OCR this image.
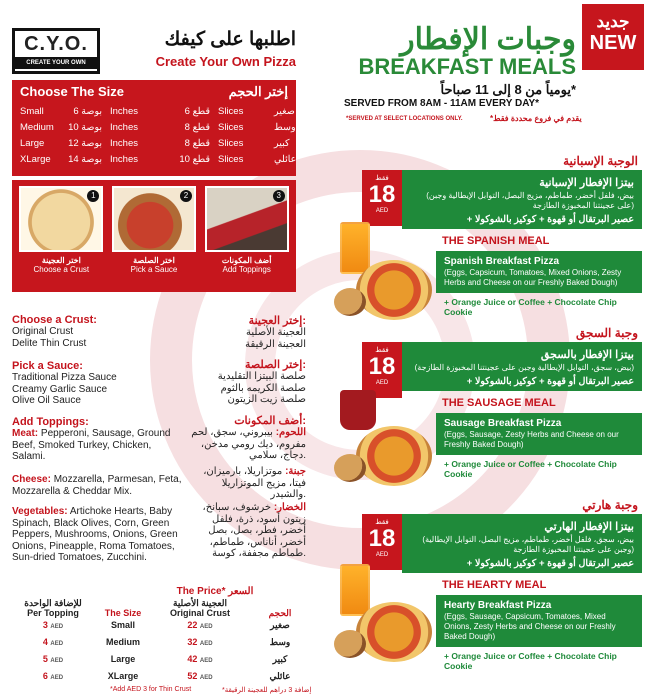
C.Y.O.
CREATE YOUR OWN
اطلبها على كيفك
Create Your Own Pizza
Choose The Size	إختر الحجم
Small	6 بوصة Inches	6 قطع Slices	صغير
Medium	10 بوصة Inches	8 قطع Slices	وسط
Large	12 بوصة Inches	8 قطع Slices	كبير
XLarge	14 بوصة Inches	10 قطع Slices	عائلي
1
اختر العجينة
Choose a Crust
2
اختر الصلصة
Pick a Sauce
3
أضف المكونات
Add Toppings
Choose a Crust:
Original Crust
Delite Thin Crust
Pick a Sauce:
Traditional Pizza Sauce
Creamy Garlic Sauce
Olive Oil Sauce
Add Toppings:
Meat: Pepperoni, Sausage, Ground Beef, Smoked Turkey, Chicken, Salami.
Cheese: Mozzarella, Parmesan, Feta, Mozzarella & Cheddar Mix.
Vegetables: Artichoke Hearts, Baby Spinach, Black Olives, Corn, Green Peppers, Mushrooms, Onions, Green Onions, Pineapple, Roma Tomatoes, Sun-dried Tomatoes, Zucchini.
إختر العجينة:
العجينة الأصلية
العجينة الرقيقة
إختر الصلصة:
صلصة البيتزا التقليدية
صلصة الكريمه بالثوم
صلصة زيت الزيتون
أضف المكونات:
اللحوم: بيبروني، سجق، لحم مفروم، ديك رومي مدخن، دجاج، سلامي.
جبنة: موتزاريلا، بارميزان، فيتا، مزيج الموتزاريلا والشيدر.
الخضار: خرشوف، سبانخ، زيتون أسود، ذرة، فلفل أخضر، فطر، بصل، بصل أخضر، أناناس، طماطم، طماطم مجففة، كوسة.
The Price* السعر
للإضافة الواحدة	العجينة الأصلية
Per Topping	The Size	Original Crust	الحجم
3 AED	Small	22 AED	صغير
4 AED	Medium	32 AED	وسط
5 AED	Large	42 AED	كبير
6 AED	XLarge	52 AED	عائلي
*Add AED 3 for Thin Crust	*إضافة 3 دراهم للعجينة الرقيقة
جديد
NEW
وجبات الإفطار
BREAKFAST MEALS
يومياً من 8 إلى 11 صباحاً*
SERVED FROM 8AM - 11AM EVERY DAY*
*SERVED AT SELECT LOCATIONS ONLY.	*يقدم في فروع محددة فقط
الوجبة الإسبانية
بيتزا الإفطار الإسبانية
(بيض، فلفل أخضر، طماطم، مزيج البصل، التوابل الإيطالية وجبن على عجينتنا المخبوزة الطازجة)
+ عصير البرتقال أو قهوة + كوكيز بالشوكولا
THE SPANISH MEAL
Spanish Breakfast Pizza
(Eggs, Capsicum, Tomatoes, Mixed Onions, Zesty Herbs and Cheese on our Freshly Baked Dough)
+ Orange Juice or Coffee + Chocolate Chip Cookie
فقط
18
AED
وجبة السجق
بيتزا الإفطار بالسجق
(بيض، سجق، التوابل الإيطالية وجبن على عجينتنا المخبوزة الطازجة)
+ عصير البرتقال أو قهوة + كوكيز بالشوكولا
THE SAUSAGE MEAL
Sausage Breakfast Pizza
(Eggs, Sausage, Zesty Herbs and Cheese on our Freshly Baked Dough)
+ Orange Juice or Coffee + Chocolate Chip Cookie
فقط
18
AED
وجبة هارتي
بيتزا الإفطار الهارتي
(بيض، سجق، فلفل أخضر، طماطم، مزيج البصل، التوابل الإيطالية وجبن على عجينتنا المخبوزة الطازجة)
+ عصير البرتقال أو قهوة + كوكيز بالشوكولا
THE HEARTY MEAL
Hearty Breakfast Pizza
(Eggs, Sausage, Capsicum, Tomatoes, Mixed Onions, Zesty Herbs and Cheese on our Freshly Baked Dough)
+ Orange Juice or Coffee + Chocolate Chip Cookie
فقط
18
AED
